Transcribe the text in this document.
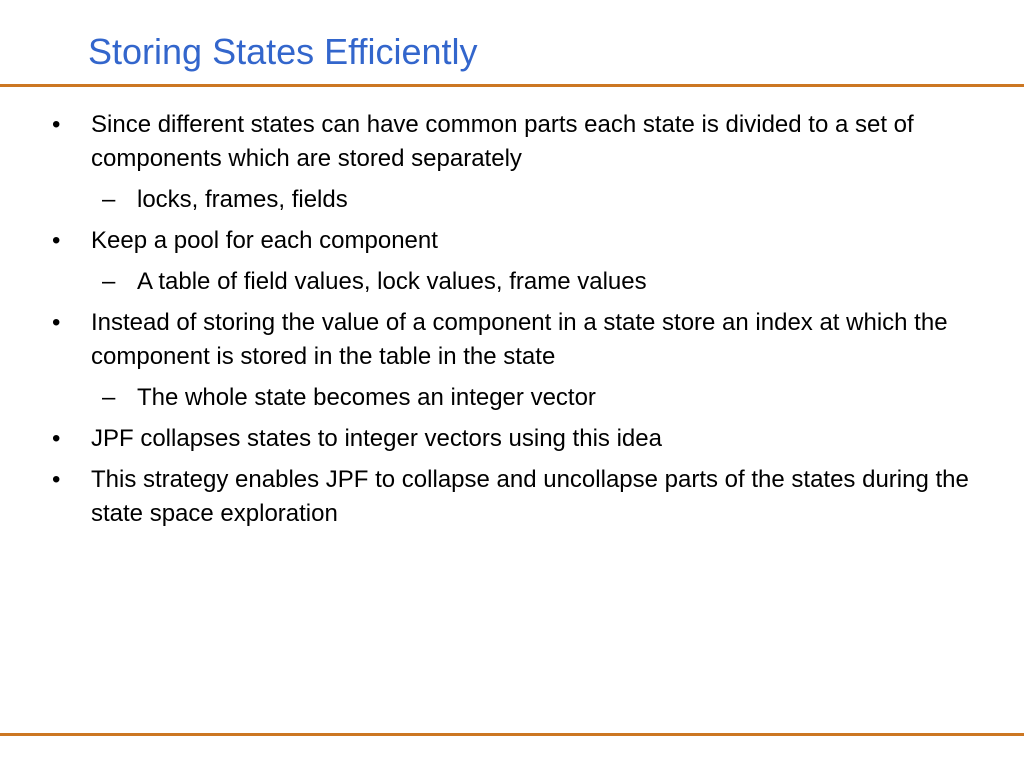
Storing States Efficiently
• Since different states can have common parts each state is divided to a set of components which are stored separately
– locks, frames, fields
• Keep a pool for each component
– A table of field values, lock values, frame values
• Instead of storing the value of a component in a state store an index at which the component is stored in the table in the state
– The whole state becomes an integer vector
• JPF collapses states to integer vectors using this idea
• This strategy enables JPF to collapse and uncollapse parts of the states during the state space exploration
